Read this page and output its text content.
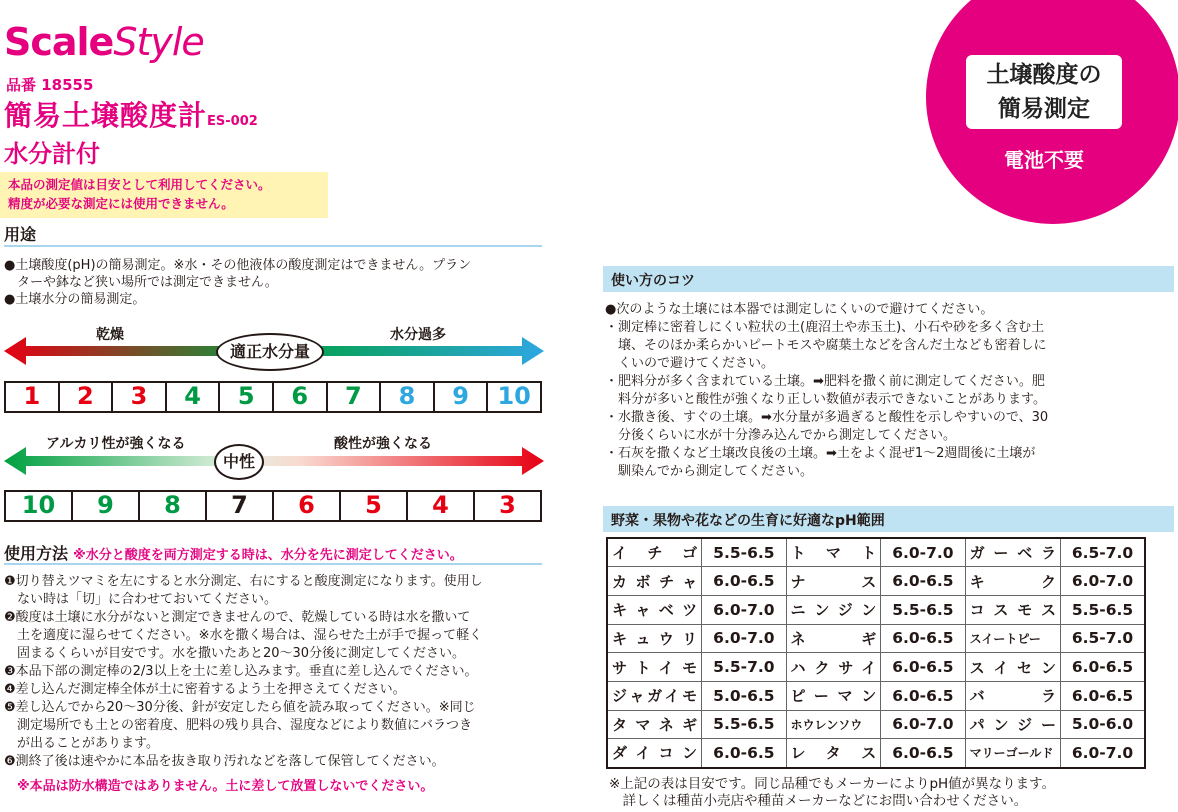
ScaleStyle
品番 18555
簡易土壌酸度計ES-002
水分計付
本品の測定値は目安として利用してください。
精度が必要な測定には使用できません。
土壌酸度の
簡易測定
電池不要
用途
●土壌酸度(pH)の簡易測定。※水・その他液体の酸度測定はできません。プラン
　ターや鉢など狭い場所では測定できません。
●土壌水分の簡易測定。
乾燥	水分過多
適正水分量
1	2	3	4	5	6	7	8	9	10
アルカリ性が強くなる	酸性が強くなる
中性
10	9	8	7	6	5	4	3
使用方法 ※水分と酸度を両方測定する時は、水分を先に測定してください。
❶切り替えツマミを左にすると水分測定、右にすると酸度測定になります。使用し
　ない時は「切」に合わせておいてください。
❷酸度は土壌に水分がないと測定できませんので、乾燥している時は水を撒いて
　土を適度に湿らせてください。※水を撒く場合は、湿らせた土が手で握って軽く
　固まるくらいが目安です。水を撒いたあと20～30分後に測定してください。
❸本品下部の測定棒の2/3以上を土に差し込みます。垂直に差し込んでください。
❹差し込んだ測定棒全体が土に密着するよう土を押さえてください。
❺差し込んでから20～30分後、針が安定したら値を読み取ってください。※同じ
　測定場所でも土との密着度、肥料の残り具合、湿度などにより数値にバラつき
　が出ることがあります。
❻測終了後は速やかに本品を抜き取り汚れなどを落して保管してください。
　※本品は防水構造ではありません。土に差して放置しないでください。
使い方のコツ
●次のような土壌には本器では測定しにくいので避けてください。
・測定棒に密着しにくい粒状の土(鹿沼土や赤玉土)、小石や砂を多く含む土
　壌、そのほか柔らかいピートモスや腐葉土などを含んだ土なども密着しに
　くいので避けてください。
・肥料分が多く含まれている土壌。➡肥料を撒く前に測定してください。肥
　料分が多いと酸性が強くなり正しい数値が表示できないことがあります。
・水撒き後、すぐの土壌。➡水分量が多過ぎると酸性を示しやすいので、30
　分後くらいに水が十分滲み込んでから測定してください。
・石灰を撒くなど土壌改良後の土壌。➡土をよく混ぜ1～2週間後に土壌が
　馴染んでから測定してください。
野菜・果物や花などの生育に好適なpH範囲
イチゴ	5.5-6.5	トマト	6.0-7.0	ガーベラ	6.5-7.0
カボチャ	6.0-6.5	ナス	6.0-6.5	キク	6.0-7.0
キャベツ	6.0-7.0	ニンジン	5.5-6.5	コスモス	5.5-6.5
キュウリ	6.0-7.0	ネギ	6.0-6.5	スイートピー	6.5-7.0
サトイモ	5.5-7.0	ハクサイ	6.0-6.5	スイセン	6.0-6.5
ジャガイモ	5.0-6.5	ピーマン	6.0-6.5	バラ	6.0-6.5
タマネギ	5.5-6.5	ホウレンソウ	6.0-7.0	パンジー	5.0-6.0
ダイコン	6.0-6.5	レタス	6.0-6.5	マリーゴールド	6.0-7.0
※上記の表は目安です。同じ品種でもメーカーによりpH値が異なります。
　詳しくは種苗小売店や種苗メーカーなどにお問い合わせください。
